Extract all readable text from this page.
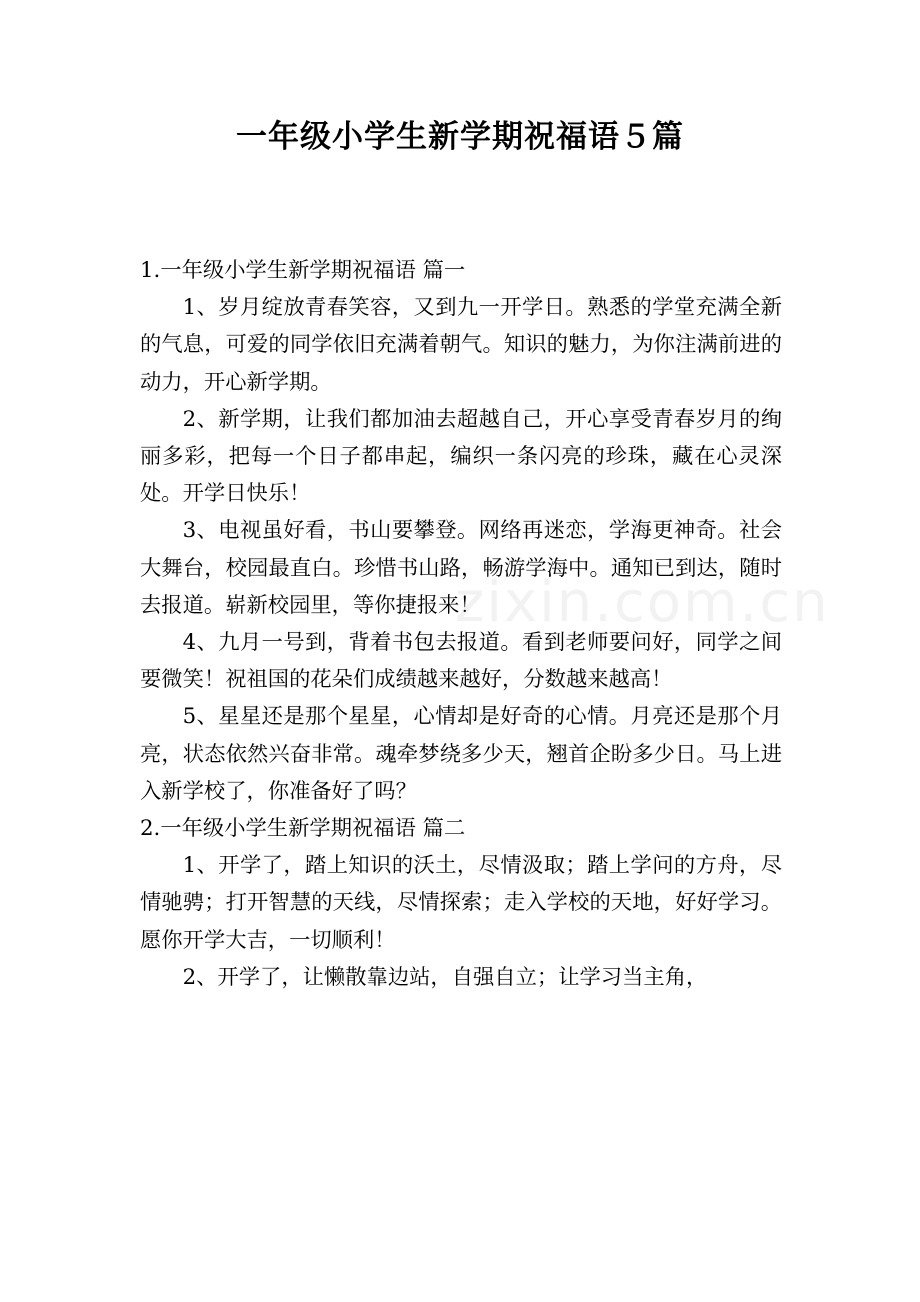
一年级小学生新学期祝福语５篇
zixin.com.cn

1.一年级小学生新学期祝福语 篇一

1、岁月绽放青春笑容，又到九一开学日。熟悉的学堂充满全新的气息，可爱的同学依旧充满着朝气。知识的魅力，为你注满前进的动力，开心新学期。

2、新学期，让我们都加油去超越自己，开心享受青春岁月的绚丽多彩，把每一个日子都串起，编织一条闪亮的珍珠，藏在心灵深处。开学日快乐！

3、电视虽好看，书山要攀登。网络再迷恋，学海更神奇。社会大舞台，校园最直白。珍惜书山路，畅游学海中。通知已到达，随时去报道。崭新校园里，等你捷报来！

4、九月一号到，背着书包去报道。看到老师要问好，同学之间要微笑！祝祖国的花朵们成绩越来越好，分数越来越高！

5、星星还是那个星星，心情却是好奇的心情。月亮还是那个月亮，状态依然兴奋非常。魂牵梦绕多少天，翘首企盼多少日。马上进入新学校了，你准备好了吗？

2.一年级小学生新学期祝福语 篇二

1、开学了，踏上知识的沃土，尽情汲取；踏上学问的方舟，尽情驰骋；打开智慧的天线，尽情探索；走入学校的天地，好好学习。愿你开学大吉，一切顺利！

2、开学了，让懒散靠边站，自强自立；让学习当主角，
